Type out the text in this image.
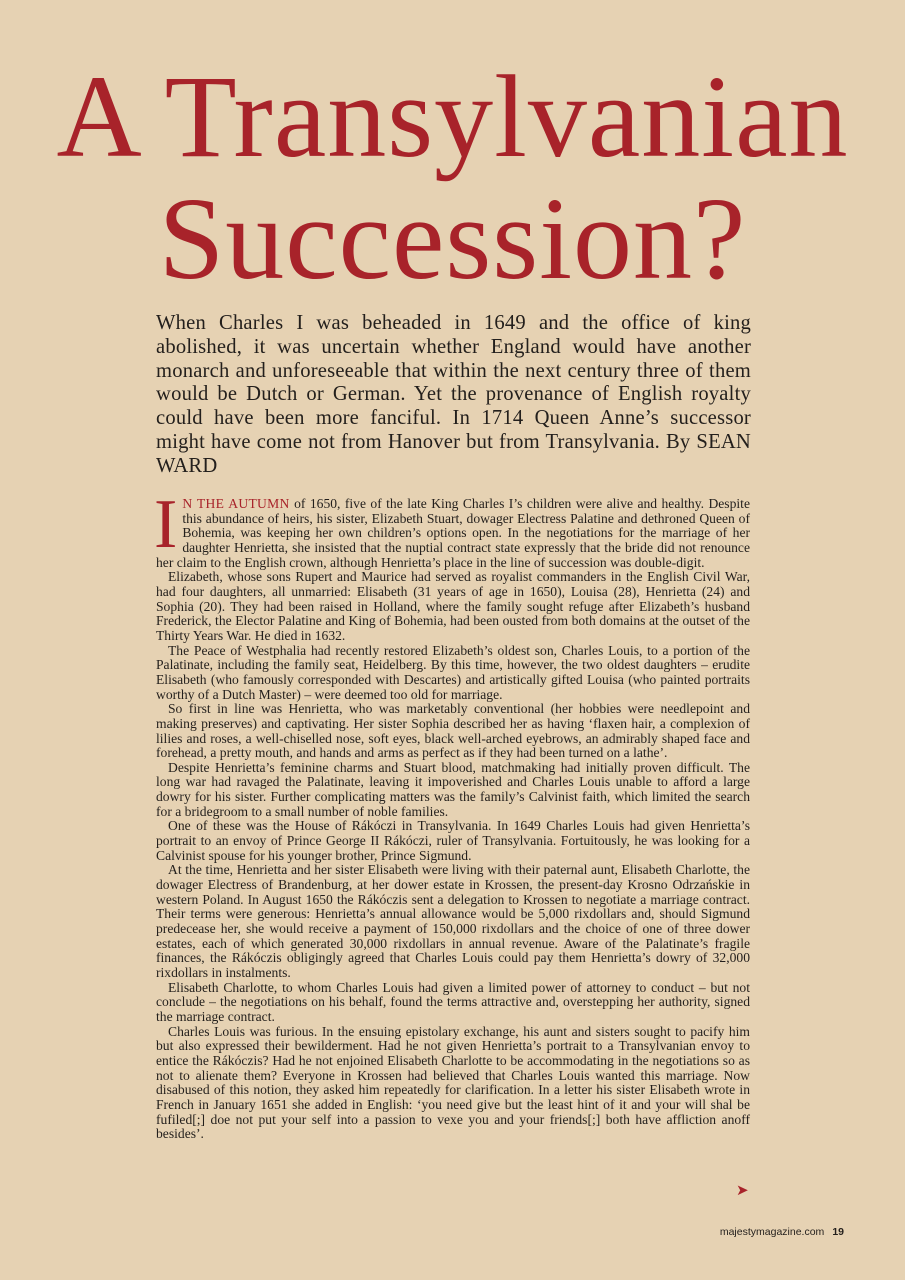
A Transylvanian
Succession?

When Charles I was beheaded in 1649 and the office of king abolished, it was uncertain whether England would have another monarch and unforeseeable that within the next century three of them would be Dutch or German. Yet the provenance of English royalty could have been more fanciful. In 1714 Queen Anne’s successor might have come not from Hanover but from Transylvania. By SEAN WARD

I N THE AUTUMN of 1650, five of the late King Charles I’s children were alive and healthy. Despite this abundance of heirs, his sister, Elizabeth Stuart, dowager Electress Palatine and dethroned Queen of Bohemia, was keeping her own children’s options open. In the negotiations for the marriage of her daughter Henrietta, she insisted that the nuptial contract state expressly that the bride did not renounce her claim to the English crown, although Henrietta’s place in the line of succession was double-digit.

Elizabeth, whose sons Rupert and Maurice had served as royalist commanders in the English Civil War, had four daughters, all unmarried: Elisabeth (31 years of age in 1650), Louisa (28), Henrietta (24) and Sophia (20). They had been raised in Holland, where the family sought refuge after Elizabeth’s husband Frederick, the Elector Palatine and King of Bohemia, had been ousted from both domains at the outset of the Thirty Years War. He died in 1632.

The Peace of Westphalia had recently restored Elizabeth’s oldest son, Charles Louis, to a portion of the Palatinate, including the family seat, Heidelberg. By this time, however, the two oldest daughters – erudite Elisabeth (who famously corresponded with Descartes) and artistically gifted Louisa (who painted portraits worthy of a Dutch Master) – were deemed too old for marriage.

So first in line was Henrietta, who was marketably conventional (her hobbies were needlepoint and making preserves) and captivating. Her sister Sophia described her as having ‘flaxen hair, a complexion of lilies and roses, a well-chiselled nose, soft eyes, black well-arched eyebrows, an admirably shaped face and forehead, a pretty mouth, and hands and arms as perfect as if they had been turned on a lathe’.

Despite Henrietta’s feminine charms and Stuart blood, matchmaking had initially proven difficult. The long war had ravaged the Palatinate, leaving it impoverished and Charles Louis unable to afford a large dowry for his sister. Further complicating matters was the family’s Calvinist faith, which limited the search for a bridegroom to a small number of noble families.

One of these was the House of Rákóczi in Transylvania. In 1649 Charles Louis had given Henrietta’s portrait to an envoy of Prince George II Rákóczi, ruler of Transylvania. Fortuitously, he was looking for a Calvinist spouse for his younger brother, Prince Sigmund.

At the time, Henrietta and her sister Elisabeth were living with their paternal aunt, Elisabeth Charlotte, the dowager Electress of Brandenburg, at her dower estate in Krossen, the present-day Krosno Odrzańskie in western Poland. In August 1650 the Rákóczis sent a delegation to Krossen to negotiate a marriage contract. Their terms were generous: Henrietta’s annual allowance would be 5,000 rixdollars and, should Sigmund predecease her, she would receive a payment of 150,000 rixdollars and the choice of one of three dower estates, each of which generated 30,000 rixdollars in annual revenue. Aware of the Palatinate’s fragile finances, the Rákóczis obligingly agreed that Charles Louis could pay them Henrietta’s dowry of 32,000 rixdollars in instalments.

Elisabeth Charlotte, to whom Charles Louis had given a limited power of attorney to conduct – but not conclude – the negotiations on his behalf, found the terms attractive and, overstepping her authority, signed the marriage contract.

Charles Louis was furious. In the ensuing epistolary exchange, his aunt and sisters sought to pacify him but also expressed their bewilderment. Had he not given Henrietta’s portrait to a Transylvanian envoy to entice the Rákóczis? Had he not enjoined Elisabeth Charlotte to be accommodating in the negotiations so as not to alienate them? Everyone in Krossen had believed that Charles Louis wanted this marriage. Now disabused of this notion, they asked him repeatedly for clarification. In a letter his sister Elisabeth wrote in French in January 1651 she added in English: ‘you need give but the least hint of it and your will shal be fufiled[;] doe not put your self into a passion to vexe you and your friends[;] both have affliction anoff besides’.

➤
majestymagazine.com 19
